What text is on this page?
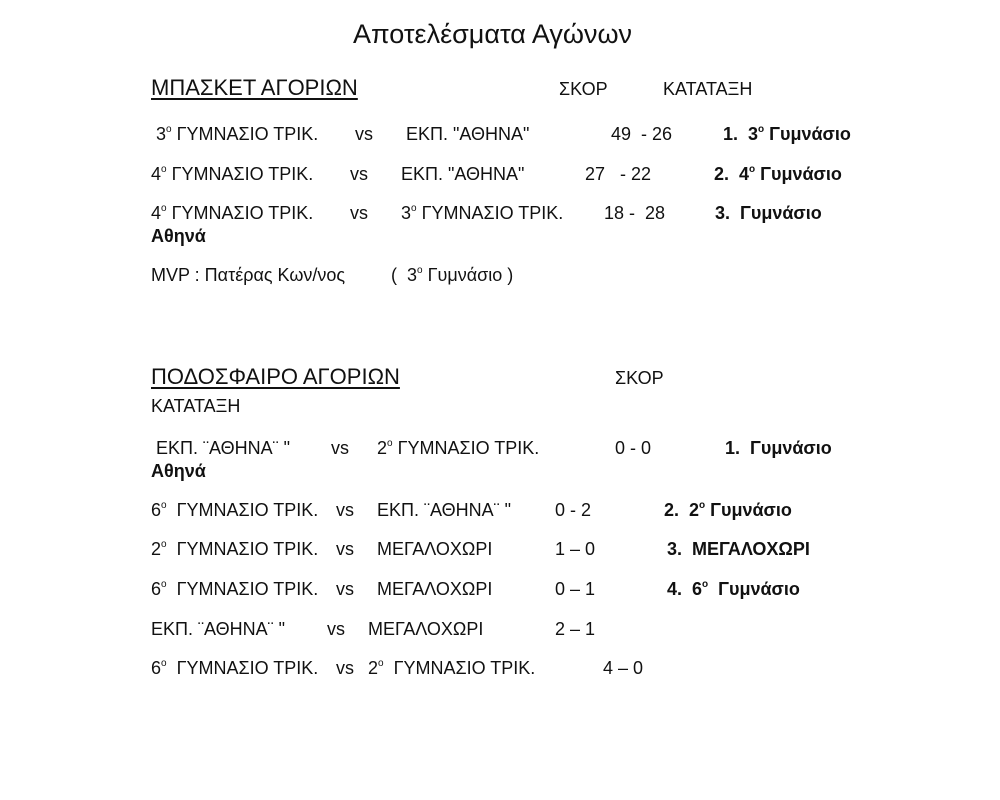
Αποτελέσματα Αγώνων
ΜΠΑΣΚΕΤ ΑΓΟΡΙΩΝ	ΣΚΟΡ	ΚΑΤΑΤΑΞΗ
$3^o$ ΓΥΜΝΑΣΙΟ ΤΡΙΚ. vs ΕΚΠ. "ΑΘΗΝΑ"	49  - 26	1. $3^o$ Γυμνάσιο
$4^o$ ΓΥΜΝΑΣΙΟ ΤΡΙΚ. vs ΕΚΠ. "ΑΘΗΝΑ"	27   - 22	2. $4^o$ Γυμνάσιο
$4^o$ ΓΥΜΝΑΣΙΟ ΤΡΙΚ. vs $3^o$ ΓΥΜΝΑΣΙΟ ΤΡΙΚ. 18 -  28	3. Γυμνάσιο
Αθηνά
MVP : Πατέρας Κων/νος	( $3^o$ Γυμνάσιο )
ΠΟΔΟΣΦΑΙΡΟ ΑΓΟΡΙΩΝ	ΣΚΟΡ
ΚΑΤΑΤΑΞΗ
ΕΚΠ. ¨ΑΘΗΝΑ¨ " vs $2^o$ ΓΥΜΝΑΣΙΟ ΤΡΙΚ.	0 - 0	1. Γυμνάσιο
Αθηνά
$6^o$  ΓΥΜΝΑΣΙΟ ΤΡΙΚ. vs ΕΚΠ. ¨ΑΘΗΝΑ¨ " 0 - 2	2. $2^o$ Γυμνάσιο
$2^o$  ΓΥΜΝΑΣΙΟ ΤΡΙΚ. vs ΜΕΓΑΛΟΧΩΡΙ	1 – 0	3. ΜΕΓΑΛΟΧΩΡΙ
$6^o$  ΓΥΜΝΑΣΙΟ ΤΡΙΚ. vs ΜΕΓΑΛΟΧΩΡΙ	0 – 1	4. $6^o$  Γυμνάσιο
ΕΚΠ. ¨ΑΘΗΝΑ¨ " vs ΜΕΓΑΛΟΧΩΡΙ	2 – 1
$6^o$  ΓΥΜΝΑΣΙΟ ΤΡΙΚ. vs $2^o$  ΓΥΜΝΑΣΙΟ ΤΡΙΚ.	4 – 0
